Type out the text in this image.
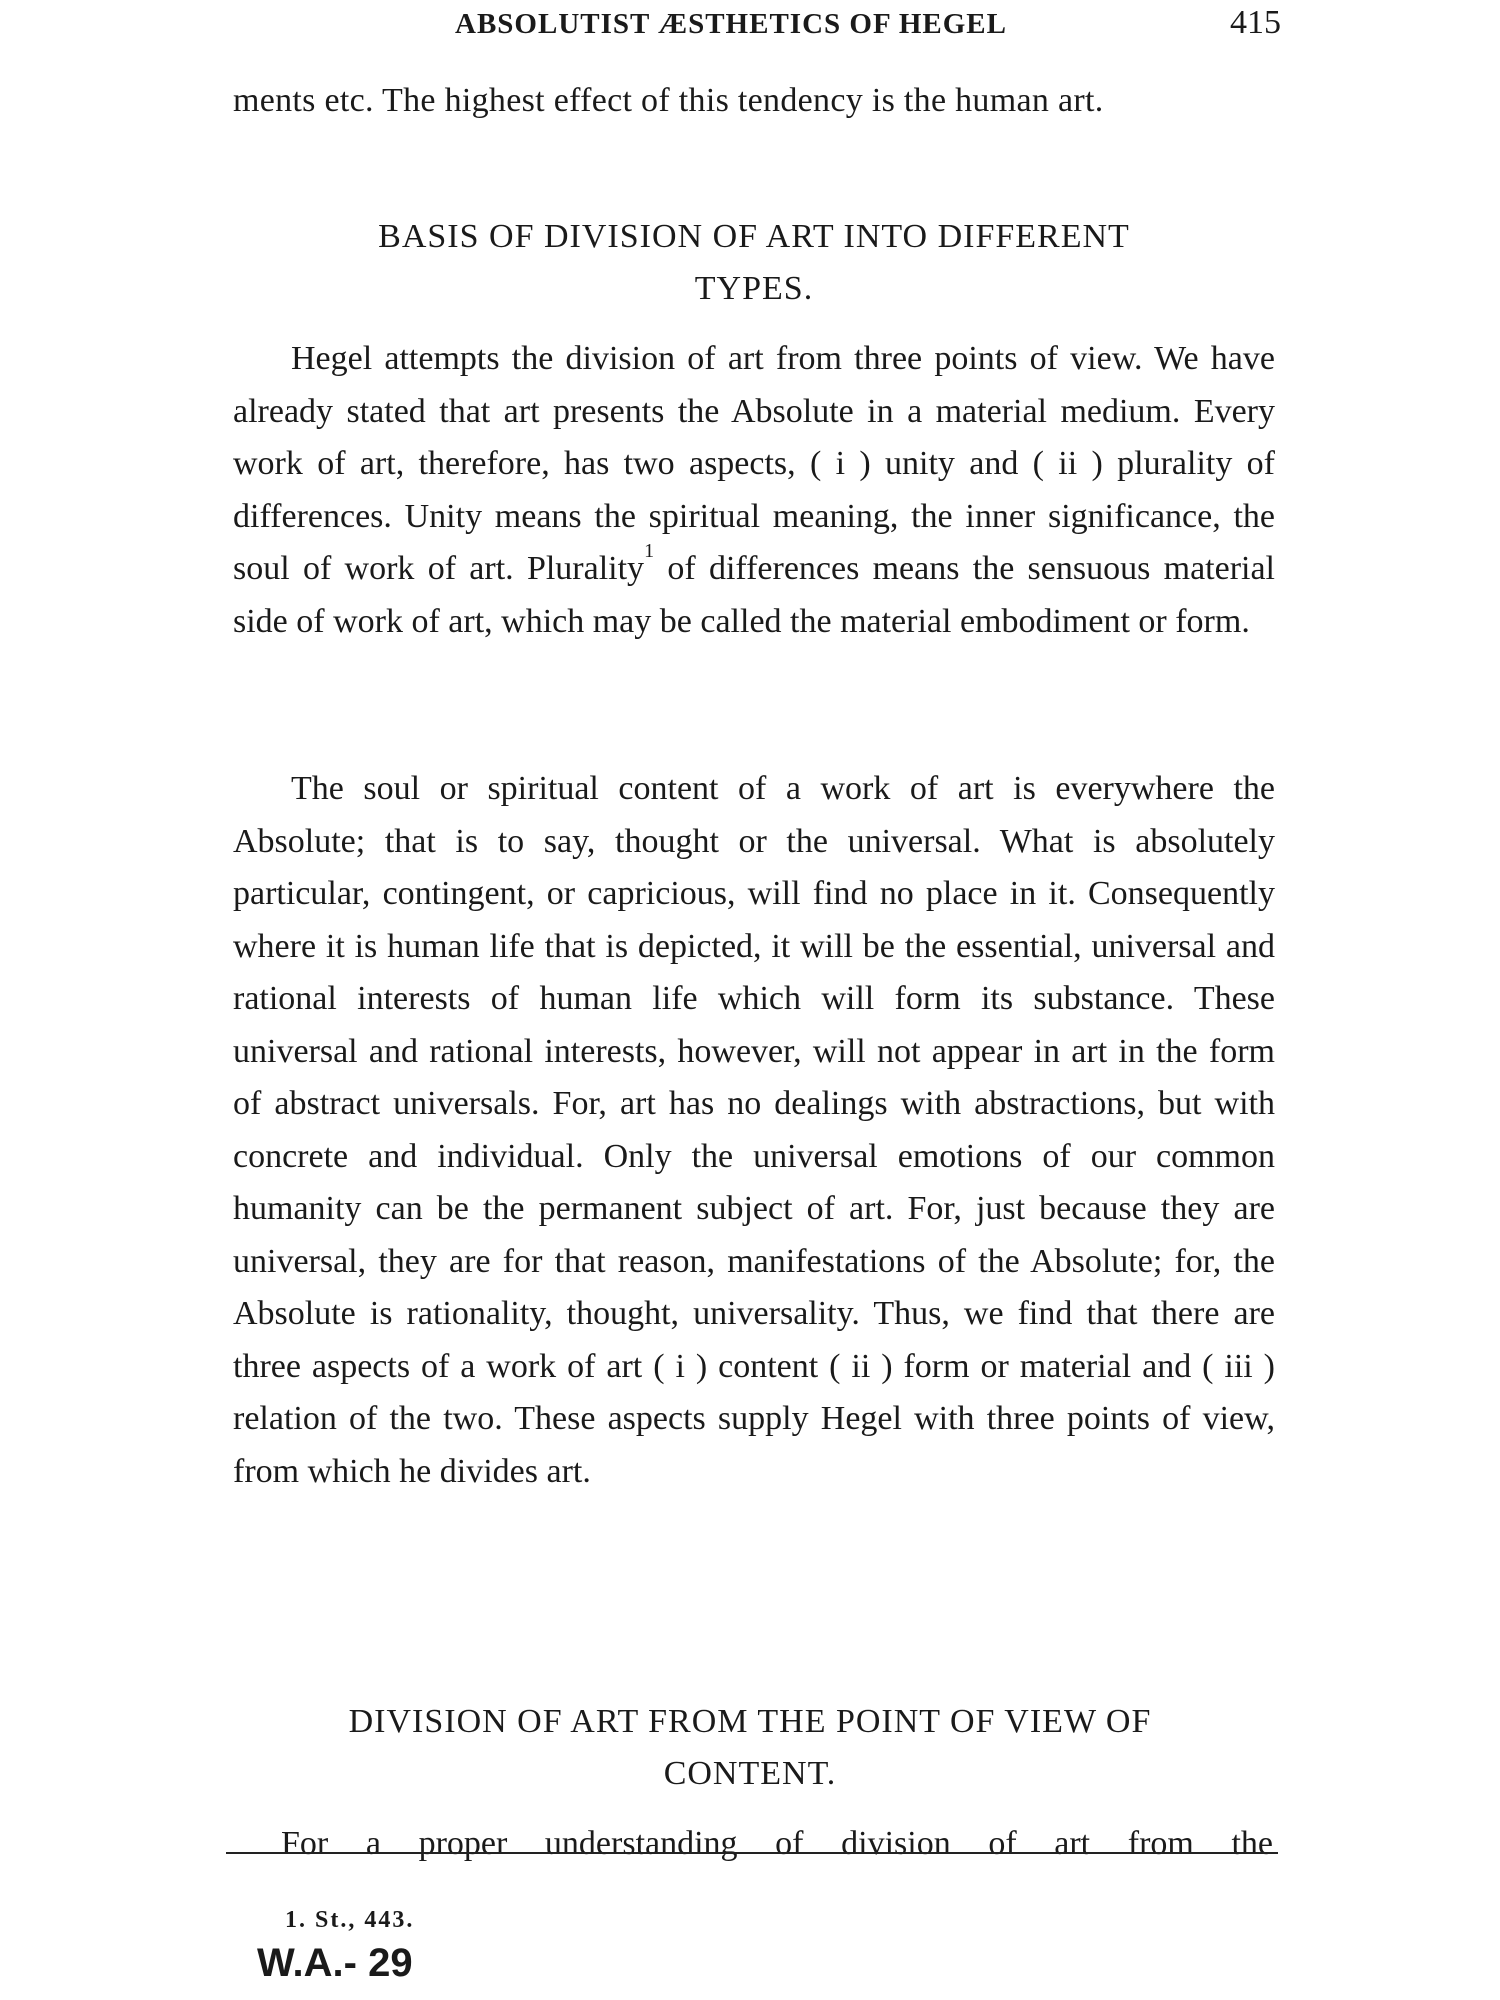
ABSOLUTIST ÆSTHETICS OF HEGEL	415
ments etc. The highest effect of this tendency is the human art.
BASIS OF DIVISION OF ART INTO DIFFERENT
TYPES.
Hegel attempts the division of art from three points of view. We have already stated that art presents the Absolute in a material medium. Every work of art, therefore, has two aspects, ( i ) unity and ( ii ) plurality of differences. Unity means the spiritual meaning, the inner significance, the soul of work of art. Plurality$^1$ of differences means the sensuous material side of work of art, which may be called the material embodiment or form.
The soul or spiritual content of a work of art is everywhere the Absolute; that is to say, thought or the universal. What is absolutely particular, contingent, or capricious, will find no place in it. Consequently where it is human life that is depicted, it will be the essential, universal and rational interests of human life which will form its substance. These universal and rational interests, however, will not appear in art in the form of abstract universals. For, art has no dealings with abstractions, but with concrete and individual. Only the universal emotions of our common humanity can be the permanent subject of art. For, just because they are universal, they are for that reason, manifestations of the Absolute; for, the Absolute is rationality, thought, universality. Thus, we find that there are three aspects of a work of art ( i ) content ( ii ) form or material and ( iii ) relation of the two. These aspects supply Hegel with three points of view, from which he divides art.
DIVISION OF ART FROM THE POINT OF VIEW OF
CONTENT.
For a proper understanding of division of art from the
1. St., 443.
W.A.- 29
